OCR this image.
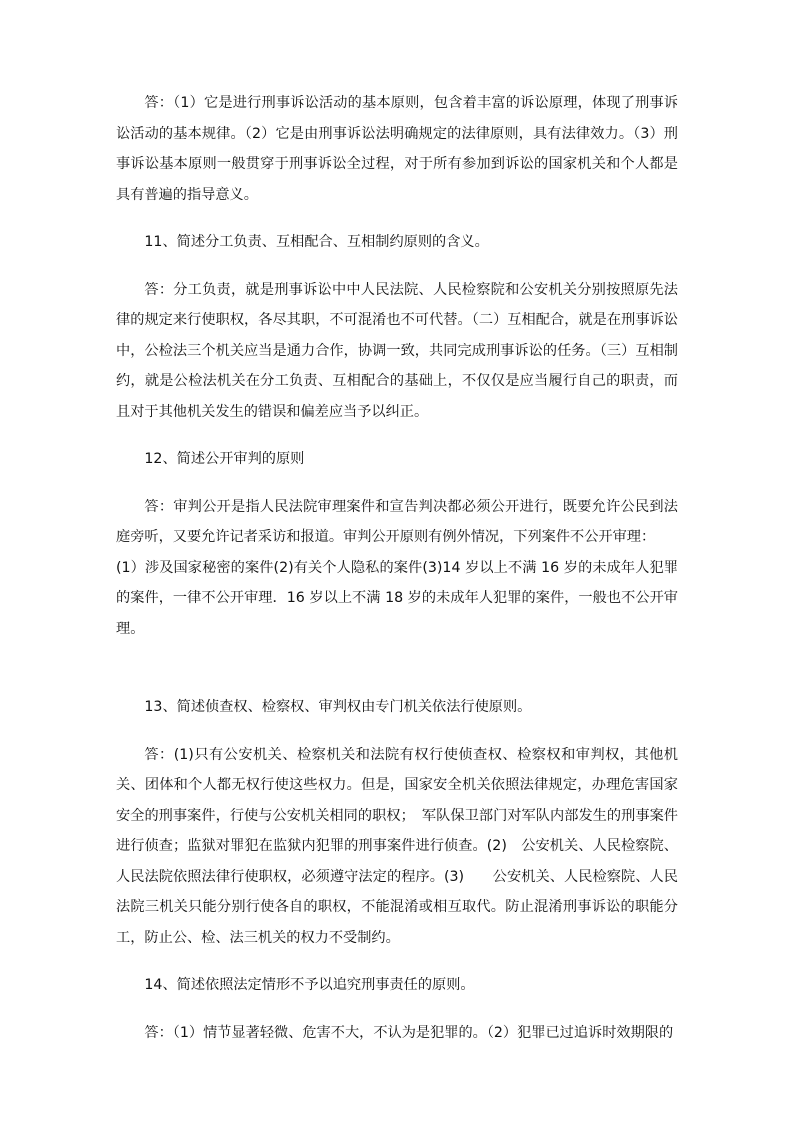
答：（1）它是进行刑事诉讼活动的基本原则，包含着丰富的诉讼原理，体现了刑事诉讼活动的基本规律。（2）它是由刑事诉讼法明确规定的法律原则，具有法律效力。（3）刑事诉讼基本原则一般贯穿于刑事诉讼全过程，对于所有参加到诉讼的国家机关和个人都是具有普遍的指导意义。

11、简述分工负责、互相配合、互相制约原则的含义。

答：分工负责，就是刑事诉讼中中人民法院、人民检察院和公安机关分别按照原先法律的规定来行使职权，各尽其职，不可混淆也不可代替。（二）互相配合，就是在刑事诉讼中，公检法三个机关应当是通力合作，协调一致，共同完成刑事诉讼的任务。（三）互相制约，就是公检法机关在分工负责、互相配合的基础上，不仅仅是应当履行自己的职责，而且对于其他机关发生的错误和偏差应当予以纠正。

12、简述公开审判的原则

答：审判公开是指人民法院审理案件和宣告判决都必须公开进行，既要允许公民到法庭旁听，又要允许记者采访和报道。审判公开原则有例外情况，下列案件不公开审理：

(1）涉及国家秘密的案件(2)有关个人隐私的案件(3)14 岁以上不满 16 岁的未成年人犯罪的案件，一律不公开审理．16 岁以上不满 18 岁的未成年人犯罪的案件，一般也不公开审理。

13、简述侦查权、检察权、审判权由专门机关依法行使原则。

答：(1)只有公安机关、检察机关和法院有权行使侦查权、检察权和审判权，其他机关、团体和个人都无权行使这些权力。但是，国家安全机关依照法律规定，办理危害国家安全的刑事案件，行使与公安机关相同的职权；　军队保卫部门对军队内部发生的刑事案件进行侦查；监狱对罪犯在监狱内犯罪的刑事案件进行侦查。(2)　公安机关、人民检察院、人民法院依照法律行使职权，必须遵守法定的程序。(3)　　公安机关、人民检察院、人民法院三机关只能分别行使各自的职权，不能混淆或相互取代。防止混淆刑事诉讼的职能分工，防止公、检、法三机关的权力不受制约。

14、简述依照法定情形不予以追究刑事责任的原则。

答：（1）情节显著轻微、危害不大，不认为是犯罪的。（2）犯罪已过追诉时效期限的
